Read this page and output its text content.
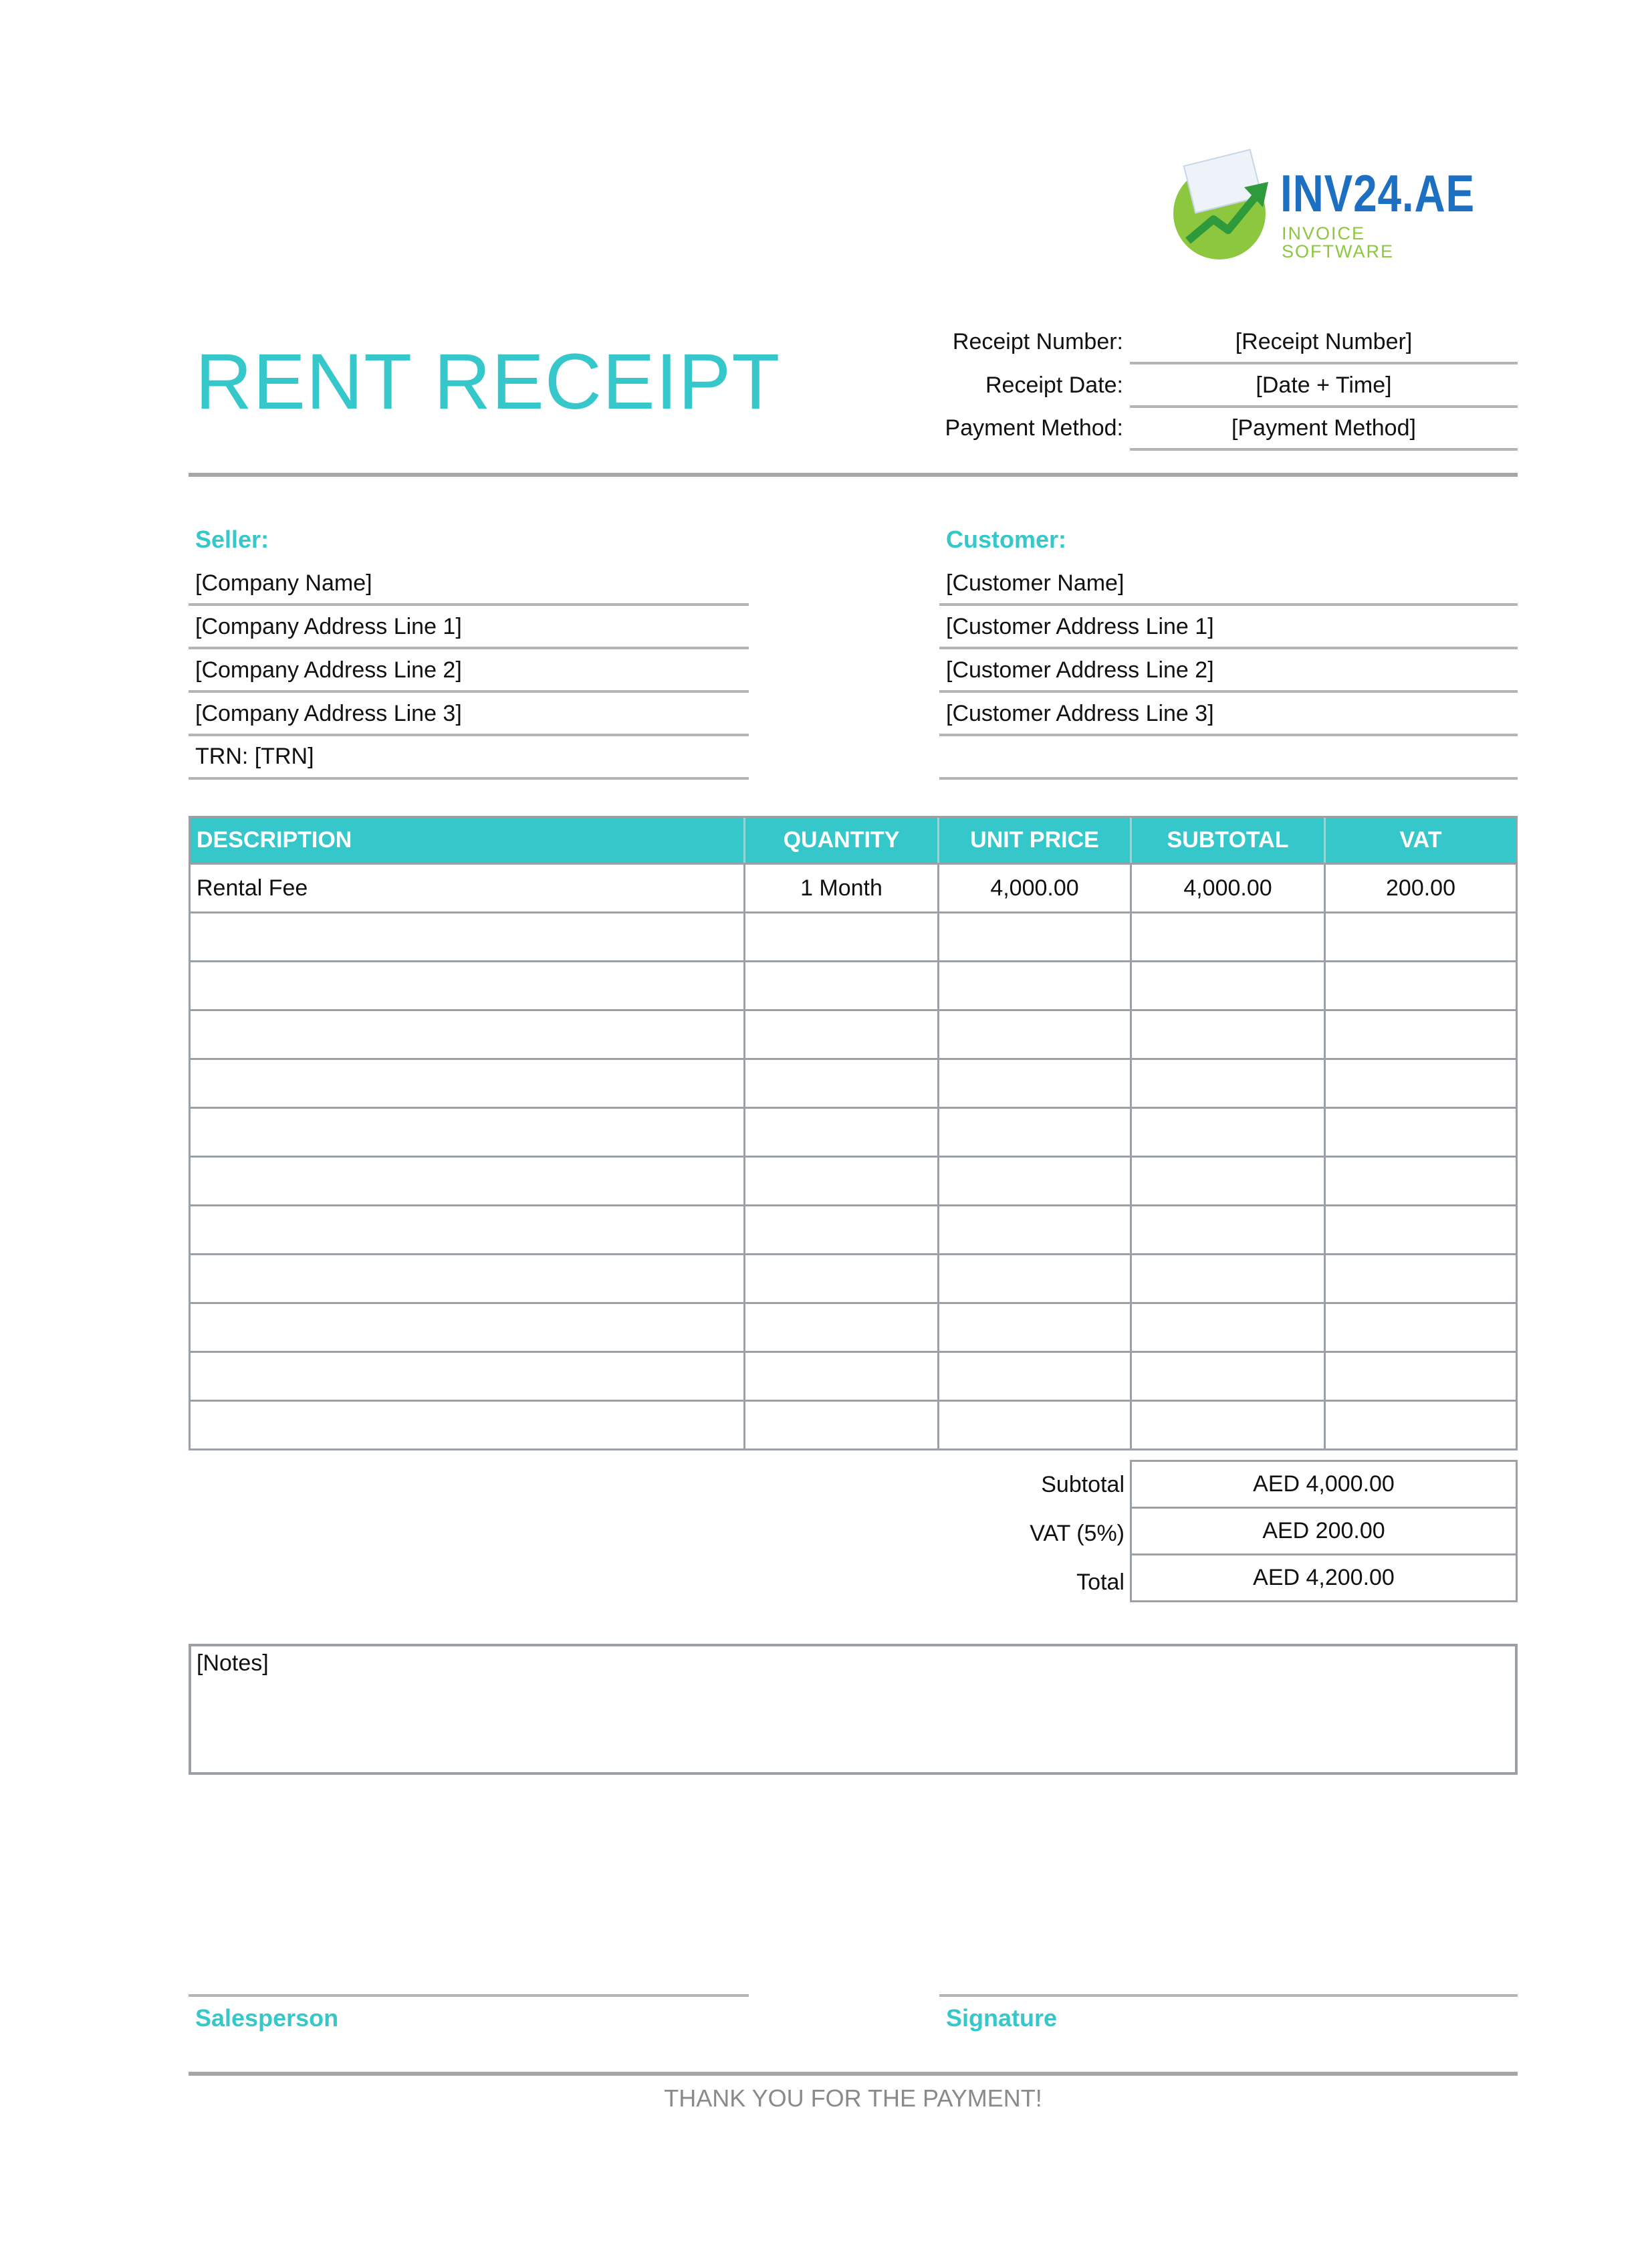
INV24.AE
INVOICE SOFTWARE
RENT RECEIPT	Receipt Number:	[Receipt Number]
Receipt Date:	[Date + Time]
Payment Method:	[Payment Method]
Seller:
[Company Name]
[Company Address Line 1]
[Company Address Line 2]
[Company Address Line 3]
TRN: [TRN]
Customer:
[Customer Name]
[Customer Address Line 1]
[Customer Address Line 2]
[Customer Address Line 3]
DESCRIPTION	QUANTITY	UNIT PRICE	SUBTOTAL	VAT
Rental Fee	1 Month	4,000.00	4,000.00	200.00
Subtotal	AED 4,000.00
VAT (5%)	AED 200.00
Total	AED 4,200.00
[Notes]
Salesperson	Signature
THANK YOU FOR THE PAYMENT!
